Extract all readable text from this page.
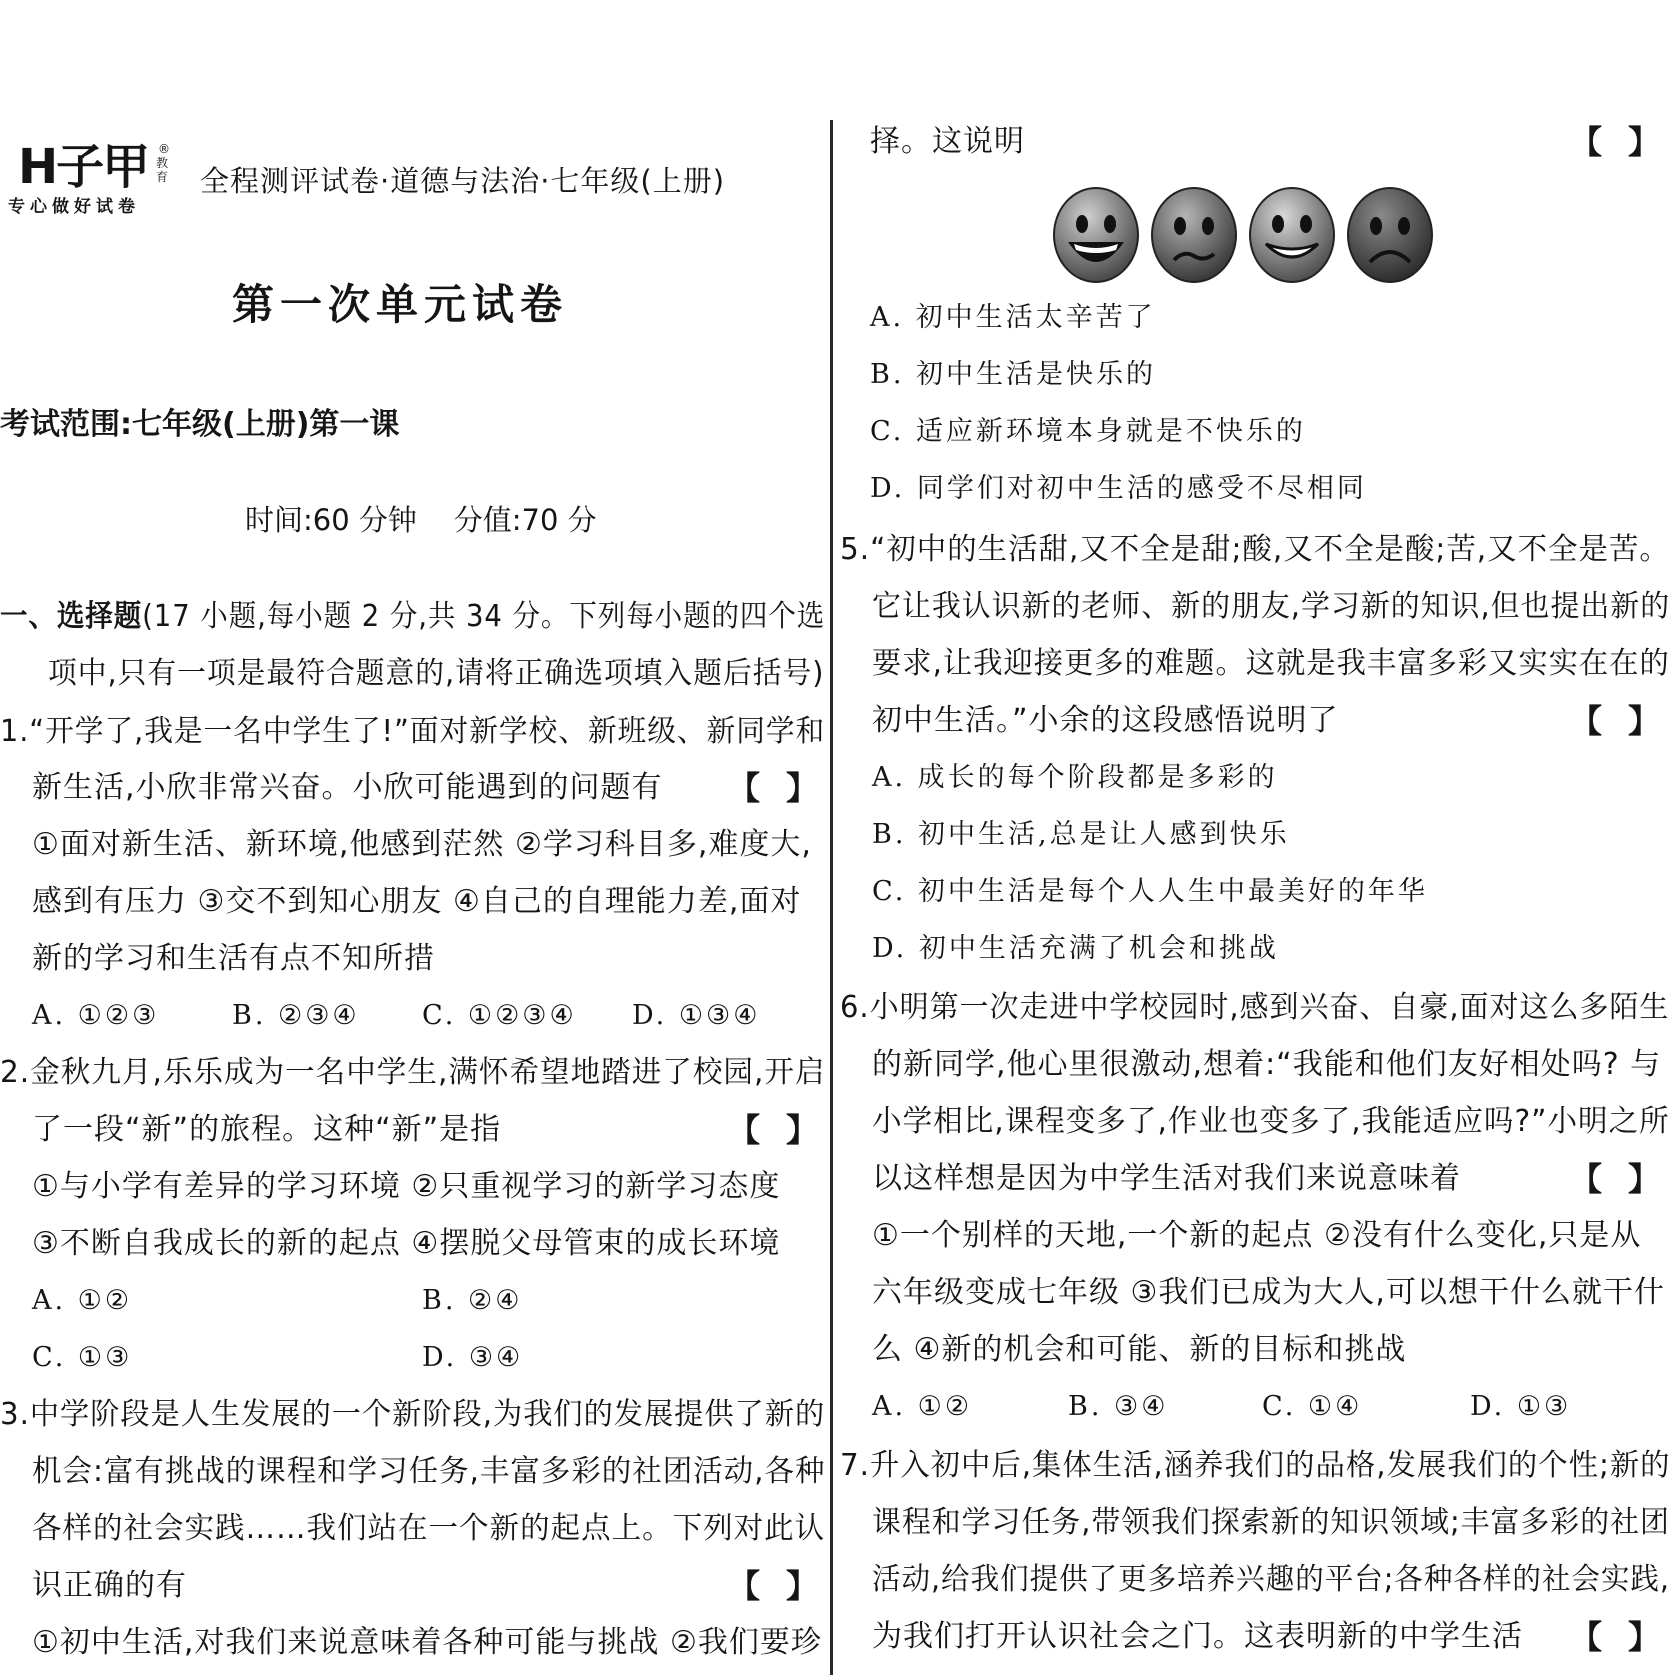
H子甲 ®
教育
专心做好试卷
全程测评试卷·道德与法治·七年级(上册)
第一次单元试卷
考试范围:七年级(上册)第一课
时间:60 分钟 分值:70 分
一、选择题(17 小题,每小题 2 分,共 34 分。下列每小题的四个选
项中,只有一项是最符合题意的,请将正确选项填入题后括号)
1.“开学了,我是一名中学生了!”面对新学校、新班级、新同学和
新生活,小欣非常兴奋。小欣可能遇到的问题有 【 】
①面对新生活、新环境,他感到茫然 ②学习科目多,难度大,
感到有压力 ③交不到知心朋友 ④自己的自理能力差,面对
新的学习和生活有点不知所措
A. ①②③	B. ②③④ C. ①②③④ D. ①③④
2.金秋九月,乐乐成为一名中学生,满怀希望地踏进了校园,开启
了一段“新”的旅程。这种“新”是指	【 】
①与小学有差异的学习环境 ②只重视学习的新学习态度
③不断自我成长的新的起点 ④摆脱父母管束的成长环境
A. ①②	B. ②④
C. ①③	D. ③④
3.中学阶段是人生发展的一个新阶段,为我们的发展提供了新的
机会:富有挑战的课程和学习任务,丰富多彩的社团活动,各种
各样的社会实践……我们站在一个新的起点上。下列对此认
识正确的有	【 】
①初中生活,对我们来说意味着各种可能与挑战 ②我们要珍
择。这说明	【 】
A. 初中生活太辛苦了
B. 初中生活是快乐的
C. 适应新环境本身就是不快乐的
D. 同学们对初中生活的感受不尽相同
5.“初中的生活甜,又不全是甜;酸,又不全是酸;苦,又不全是苦。
它让我认识新的老师、新的朋友,学习新的知识,但也提出新的
要求,让我迎接更多的难题。这就是我丰富多彩又实实在在的
初中生活。”小余的这段感悟说明了	【 】
A. 成长的每个阶段都是多彩的
B. 初中生活,总是让人感到快乐
C. 初中生活是每个人人生中最美好的年华
D. 初中生活充满了机会和挑战
6.小明第一次走进中学校园时,感到兴奋、自豪,面对这么多陌生
的新同学,他心里很激动,想着:“我能和他们友好相处吗? 与
小学相比,课程变多了,作业也变多了,我能适应吗?”小明之所
以这样想是因为中学生活对我们来说意味着	【 】
①一个别样的天地,一个新的起点 ②没有什么变化,只是从
六年级变成七年级 ③我们已成为大人,可以想干什么就干什
么 ④新的机会和可能、新的目标和挑战
A. ①②	B. ③④	C. ①④	D. ①③
7.升入初中后,集体生活,涵养我们的品格,发展我们的个性;新的
课程和学习任务,带领我们探索新的知识领域;丰富多彩的社团
活动,给我们提供了更多培养兴趣的平台;各种各样的社会实践,
为我们打开认识社会之门。这表明新的中学生活 【 】
